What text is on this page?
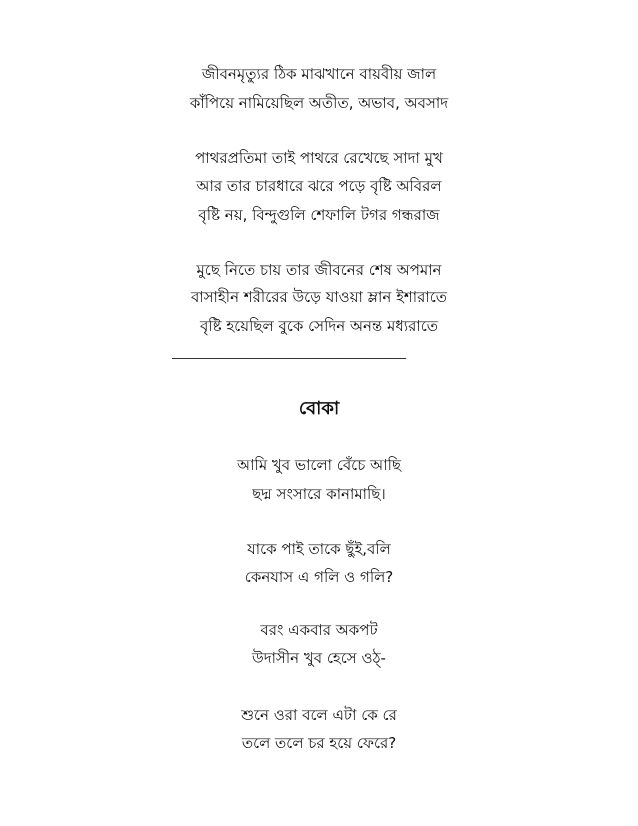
জীবনমৃত্যুর ঠিক মাঝখানে বায়বীয় জাল
কাঁপিয়ে নামিয়েছিল অতীত, অভাব, অবসাদ
পাথরপ্রতিমা তাই পাথরে রেখেছে সাদা মুখ
আর তার চারধারে ঝরে পড়ে বৃষ্টি অবিরল
বৃষ্টি নয়, বিন্দুগুলি শেফালি টগর গন্ধরাজ
মুছে নিতে চায় তার জীবনের শেষ অপমান
বাসাহীন শরীরের উড়ে যাওয়া ম্লান ইশারাতে
বৃষ্টি হয়েছিল বুকে সেদিন অনন্ত মধ্যরাতে
_______________________________________
বোকা
আমি খুব ভালো বেঁচে আছি
ছদ্ম সংসারে কানামাছি।
যাকে পাই তাকে ছুঁই,বলি
কেনযাস এ গলি ও গলি?
বরং একবার অকপট
উদাসীন খুব হেসে ওঠ্-
শুনে ওরা বলে এটা কে রে
তলে তলে চর হয়ে ফেরে?
